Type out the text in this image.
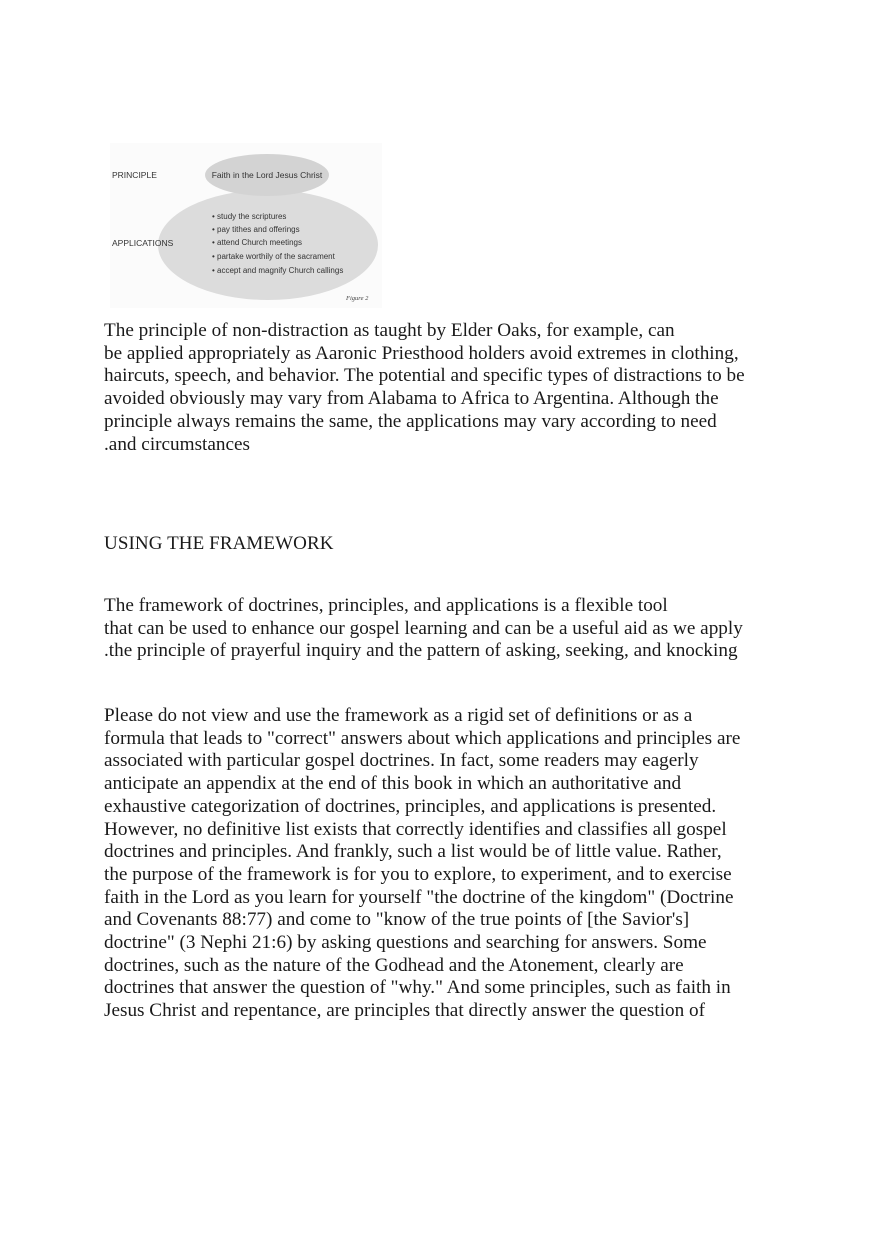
PRINCIPLE	Faith in the Lord Jesus Christ
APPLICATIONS
• study the scriptures
• pay tithes and offerings
• attend Church meetings
• partake worthily of the sacrament
• accept and magnify Church callings
Figure 2

The principle of non-distraction as taught by Elder Oaks, for example, can
be applied appropriately as Aaronic Priesthood holders avoid extremes in clothing,
haircuts, speech, and behavior. The potential and specific types of distractions to be
avoided obviously may vary from Alabama to Africa to Argentina. Although the
principle always remains the same, the applications may vary according to need
.and circumstances

USING THE FRAMEWORK

The framework of doctrines, principles, and applications is a flexible tool
that can be used to enhance our gospel learning and can be a useful aid as we apply
.the principle of prayerful inquiry and the pattern of asking, seeking, and knocking

Please do not view and use the framework as a rigid set of definitions or as a
formula that leads to "correct" answers about which applications and principles are
associated with particular gospel doctrines. In fact, some readers may eagerly
anticipate an appendix at the end of this book in which an authoritative and
exhaustive categorization of doctrines, principles, and applications is presented.
However, no definitive list exists that correctly identifies and classifies all gospel
doctrines and principles. And frankly, such a list would be of little value. Rather,
the purpose of the framework is for you to explore, to experiment, and to exercise
faith in the Lord as you learn for yourself "the doctrine of the kingdom" (Doctrine
and Covenants 88:77) and come to "know of the true points of [the Savior's]
doctrine" (3 Nephi 21:6) by asking questions and searching for answers. Some
doctrines, such as the nature of the Godhead and the Atonement, clearly are
doctrines that answer the question of "why." And some principles, such as faith in
Jesus Christ and repentance, are principles that directly answer the question of
